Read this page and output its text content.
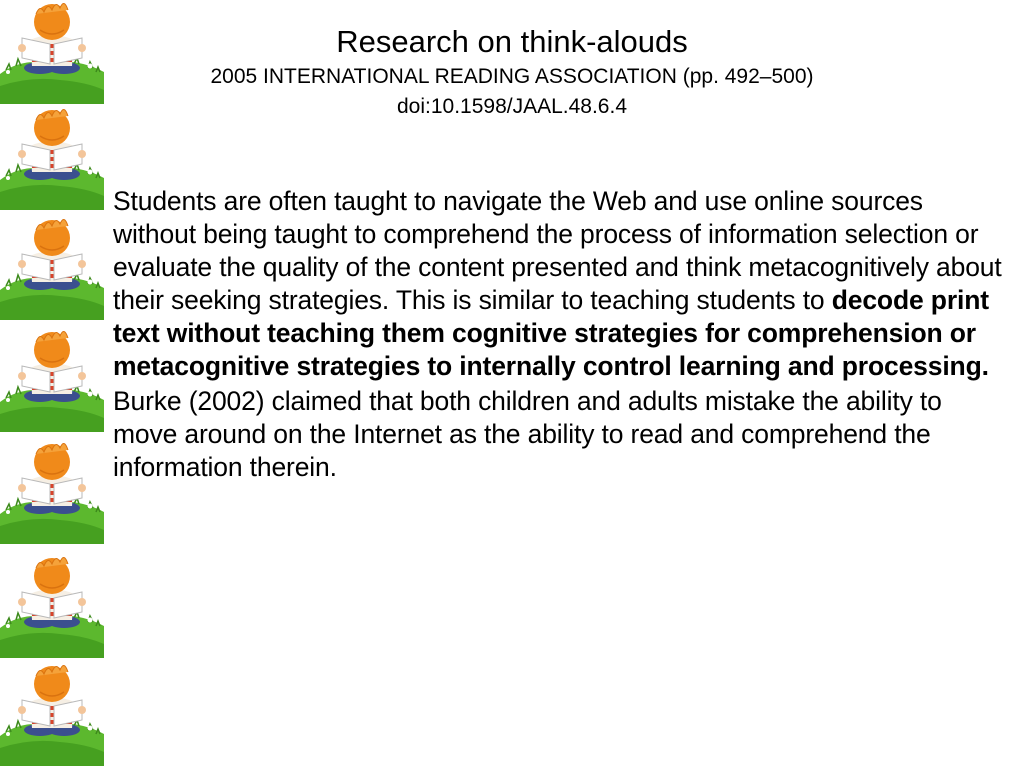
Research on think-alouds
2005 INTERNATIONAL READING ASSOCIATION (pp. 492–500)
doi:10.1598/JAAL.48.6.4

Students are often taught to navigate the Web and use online sources without being taught to comprehend the process of information selection or evaluate the quality of the content presented and think metacognitively about their seeking strategies. This is similar to teaching students to decode print text without teaching them cognitive strategies for comprehension or metacognitive strategies to internally control learning and processing.

Burke (2002) claimed that both children and adults mistake the ability to move around on the Internet as the ability to read and comprehend the information therein.
